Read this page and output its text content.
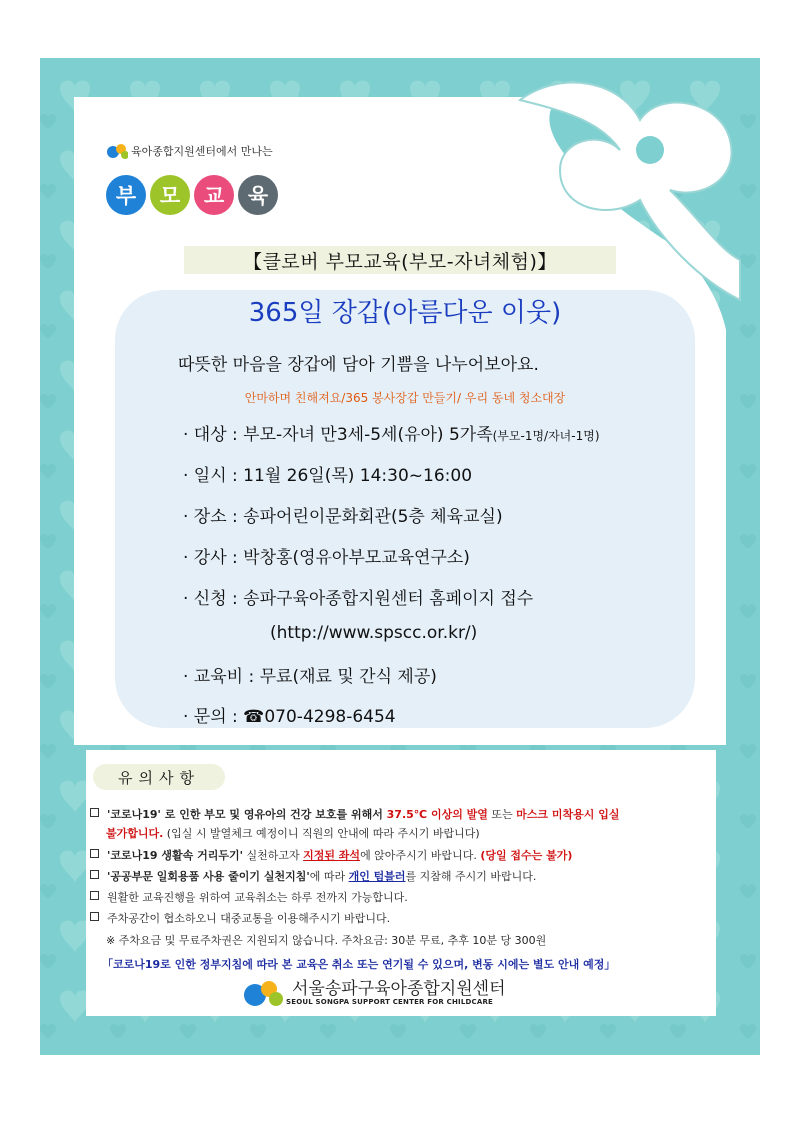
육아종합지원센터에서 만나는
부	모	교	육
【클로버 부모교육(부모-자녀체험)】
365일 장갑(아름다운 이웃)
따뜻한 마음을 장갑에 담아 기쁨을 나누어보아요.
안마하며 친해져요/365 봉사장갑 만들기/ 우리 동네 청소대장
· 대상 : 부모-자녀 만3세-5세(유아) 5가족(부모-1명/자녀-1명)
· 일시 : 11월 26일(목) 14:30~16:00
· 장소 : 송파어린이문화회관(5층 체육교실)
· 강사 : 박창홍(영유아부모교육연구소)
· 신청 : 송파구육아종합지원센터 홈페이지 접수
(http://www.spscc.or.kr/)
· 교육비 : 무료(재료 및 간식 제공)
· 문의 : ☎070-4298-6454
유의사항
'코로나19' 로 인한 부모 및 영유아의 건강 보호를 위해서 37.5℃ 이상의 발열 또는 마스크 미착용시 입실
불가합니다. (입실 시 발열체크 예정이니 직원의 안내에 따라 주시기 바랍니다)
'코로나19 생활속 거리두기' 실천하고자 지정된 좌석에 앉아주시기 바랍니다. (당일 접수는 불가)
'공공부문 일회용품 사용 줄이기 실천지침'에 따라 개인 텀블러를 지참해 주시기 바랍니다.
원활한 교육진행을 위하여 교육취소는 하루 전까지 가능합니다.
주차공간이 협소하오니 대중교통을 이용해주시기 바랍니다.
※ 주차요금 및 무료주차권은 지원되지 않습니다. 주차요금: 30분 무료, 추후 10분 당 300원
「코로나19로 인한 정부지침에 따라 본 교육은 취소 또는 연기될 수 있으며, 변동 시에는 별도 안내 예정」
서울송파구육아종합지원센터
SEOUL SONGPA SUPPORT CENTER FOR CHILDCARE
